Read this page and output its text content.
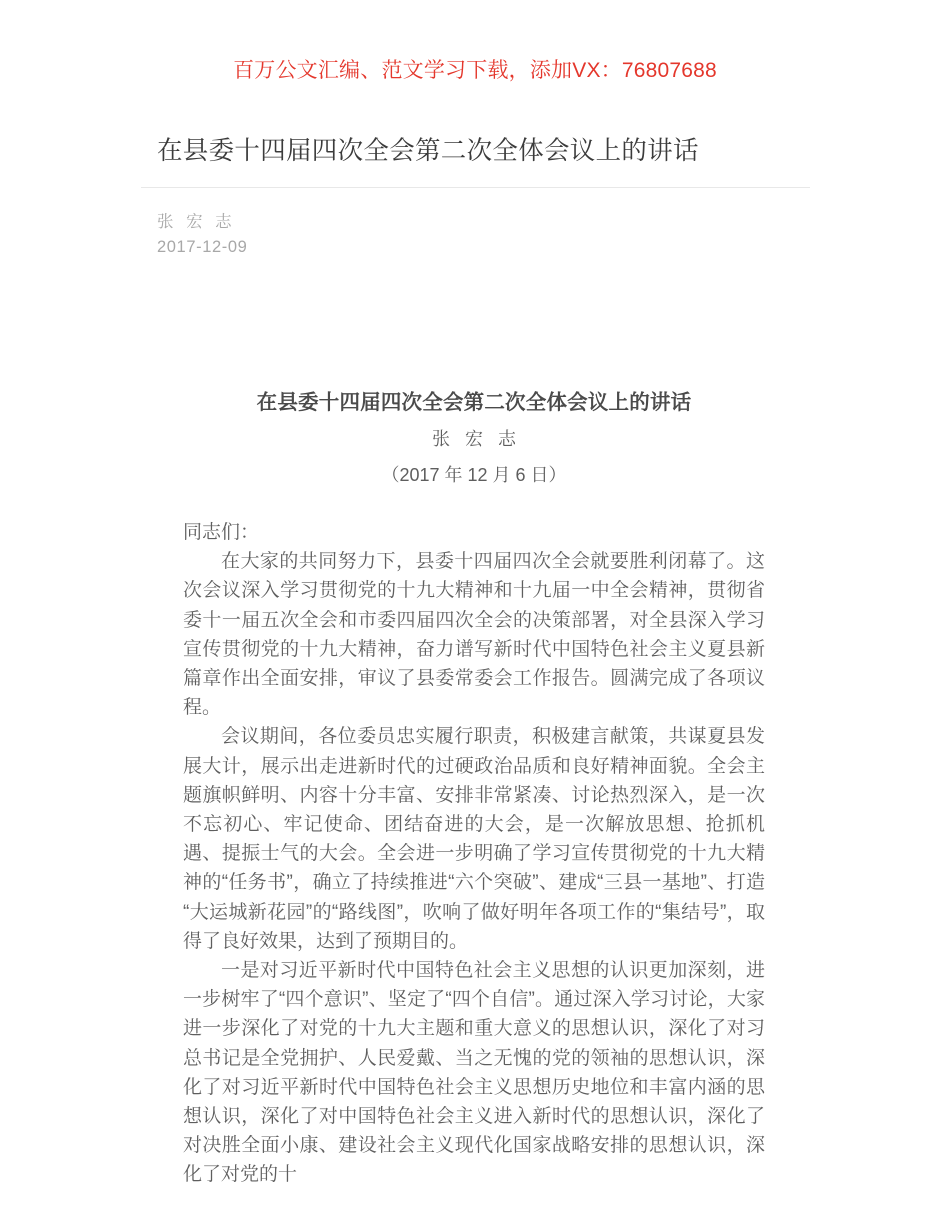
百万公文汇编、范文学习下载，添加VX：76807688
在县委十四届四次全会第二次全体会议上的讲话
张 宏 志
2017-12-09
在县委十四届四次全会第二次全体会议上的讲话
张 宏 志
（2017 年 12 月 6 日）

同志们：

在大家的共同努力下，县委十四届四次全会就要胜利闭幕了。这次会议深入学习贯彻党的十九大精神和十九届一中全会精神，贯彻省委十一届五次全会和市委四届四次全会的决策部署，对全县深入学习宣传贯彻党的十九大精神，奋力谱写新时代中国特色社会主义夏县新篇章作出全面安排，审议了县委常委会工作报告。圆满完成了各项议程。

会议期间，各位委员忠实履行职责，积极建言献策，共谋夏县发展大计，展示出走进新时代的过硬政治品质和良好精神面貌。全会主题旗帜鲜明、内容十分丰富、安排非常紧凑、讨论热烈深入，是一次不忘初心、牢记使命、团结奋进的大会，是一次解放思想、抢抓机遇、提振士气的大会。全会进一步明确了学习宣传贯彻党的十九大精神的“任务书”，确立了持续推进“六个突破”、建成“三县一基地”、打造“大运城新花园”的“路线图”，吹响了做好明年各项工作的“集结号”，取得了良好效果，达到了预期目的。

一是对习近平新时代中国特色社会主义思想的认识更加深刻，进一步树牢了“四个意识”、坚定了“四个自信”。通过深入学习讨论，大家进一步深化了对党的十九大主题和重大意义的思想认识，深化了对习总书记是全党拥护、人民爱戴、当之无愧的党的领袖的思想认识，深化了对习近平新时代中国特色社会主义思想历史地位和丰富内涵的思想认识，深化了对中国特色社会主义进入新时代的思想认识，深化了对决胜全面小康、建设社会主义现代化国家战略安排的思想认识，深化了对党的十
